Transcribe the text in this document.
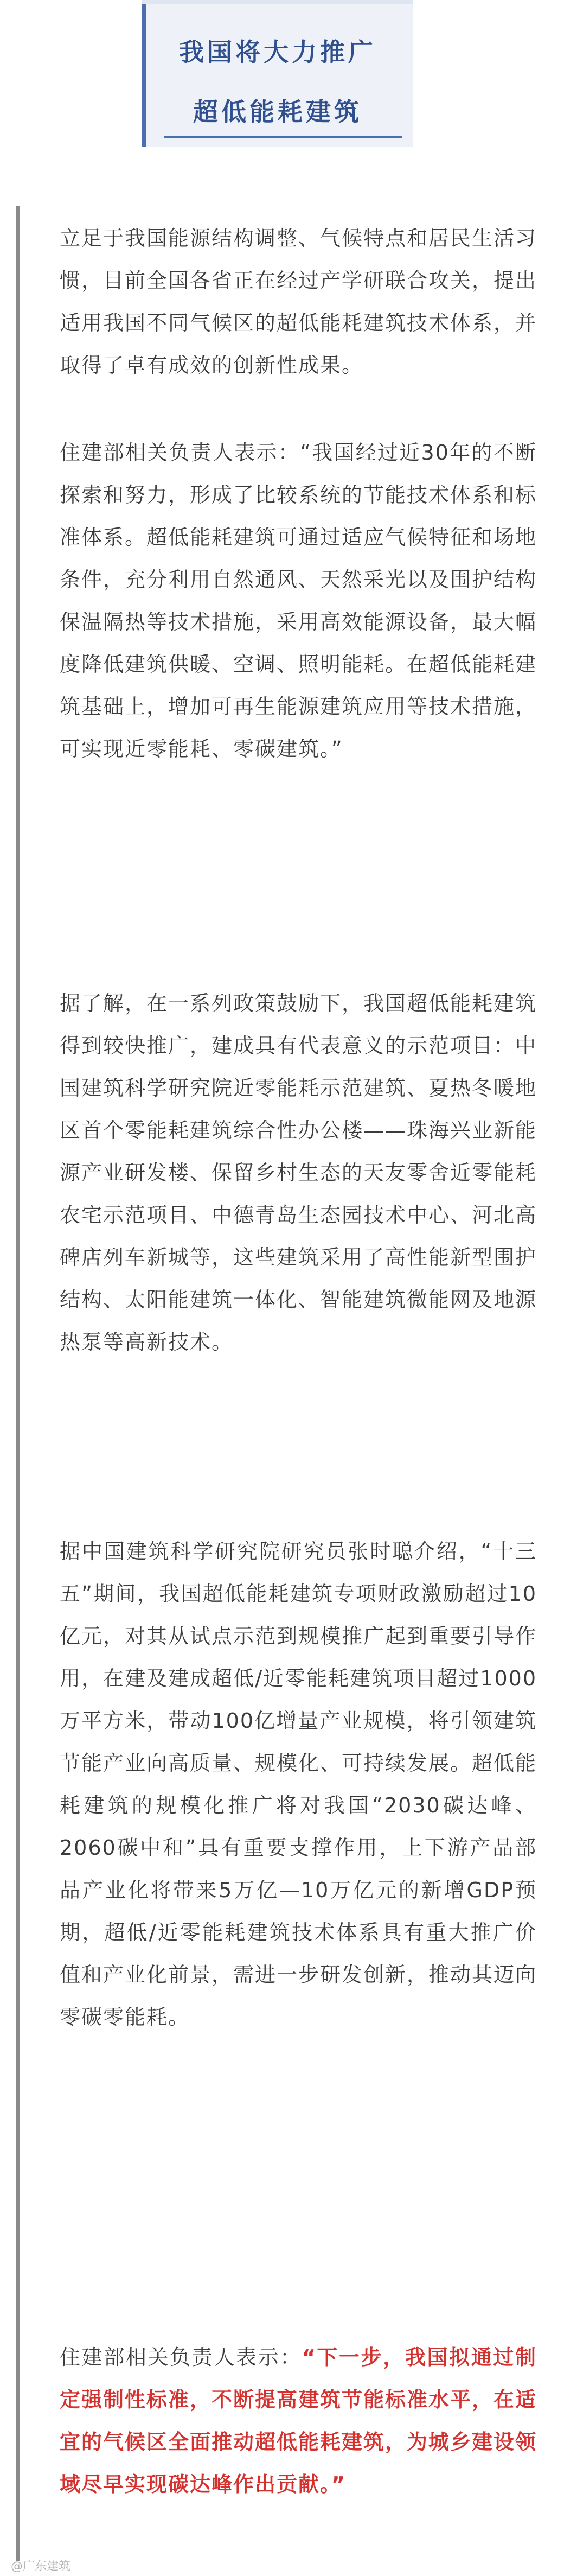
我国将大力推广
超低能耗建筑

立足于我国能源结构调整、气候特点和居民生活习惯，目前全国各省正在经过产学研联合攻关，提出适用我国不同气候区的超低能耗建筑技术体系，并取得了卓有成效的创新性成果。

住建部相关负责人表示：“我国经过近30年的不断探索和努力，形成了比较系统的节能技术体系和标准体系。超低能耗建筑可通过适应气候特征和场地条件，充分利用自然通风、天然采光以及围护结构保温隔热等技术措施，采用高效能源设备，最大幅度降低建筑供暖、空调、照明能耗。在超低能耗建筑基础上，增加可再生能源建筑应用等技术措施，可实现近零能耗、零碳建筑。”

据了解，在一系列政策鼓励下，我国超低能耗建筑得到较快推广，建成具有代表意义的示范项目：中国建筑科学研究院近零能耗示范建筑、夏热冬暖地区首个零能耗建筑综合性办公楼——珠海兴业新能源产业研发楼、保留乡村生态的天友零舍近零能耗农宅示范项目、中德青岛生态园技术中心、河北高碑店列车新城等，这些建筑采用了高性能新型围护结构、太阳能建筑一体化、智能建筑微能网及地源热泵等高新技术。

据中国建筑科学研究院研究员张时聪介绍，“十三五”期间，我国超低能耗建筑专项财政激励超过10亿元，对其从试点示范到规模推广起到重要引导作用，在建及建成超低/近零能耗建筑项目超过1000万平方米，带动100亿增量产业规模，将引领建筑节能产业向高质量、规模化、可持续发展。超低能耗建筑的规模化推广将对我国“2030碳达峰、2060碳中和”具有重要支撑作用，上下游产品部品产业化将带来5万亿—10万亿元的新增GDP预期，超低/近零能耗建筑技术体系具有重大推广价值和产业化前景，需进一步研发创新，推动其迈向零碳零能耗。

住建部相关负责人表示：“下一步，我国拟通过制定强制性标准，不断提高建筑节能标准水平，在适宜的气候区全面推动超低能耗建筑，为城乡建设领域尽早实现碳达峰作出贡献。”

@广东建筑
